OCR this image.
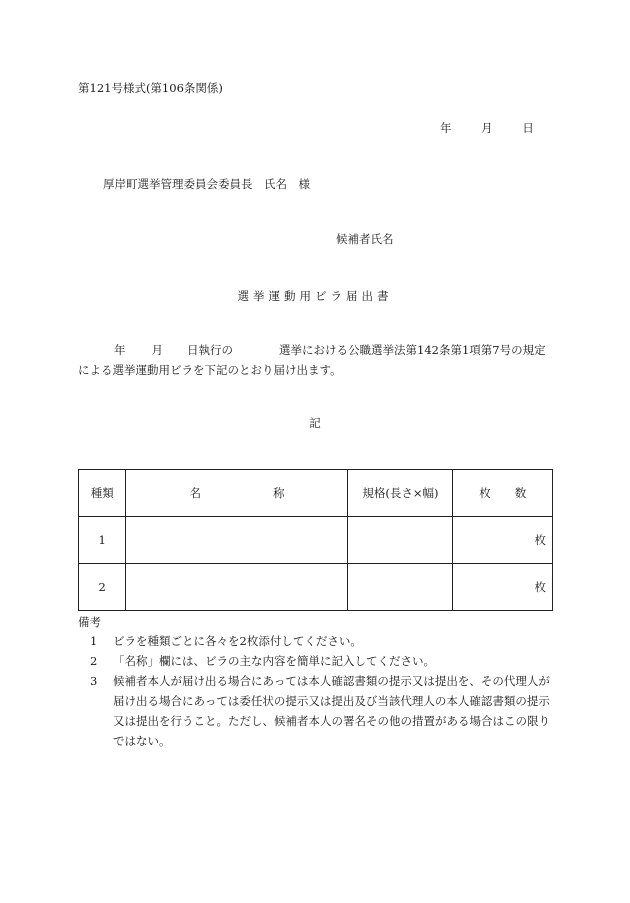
第121号様式(第106条関係)
年	月	日
厚岸町選挙管理委員会委員長　氏名　様
候補者氏名
選挙運動用ビラ届出書
年 月 日執行の	選挙における公職選挙法第142条第1項第7号の規定
による選挙運動用ビラを下記のとおり届け出ます。
記
種類	名 称	規格(長さ×幅)	枚 数
1			枚
2			枚
備考
1	ビラを種類ごとに各々を2枚添付してください。
2	「名称」欄には、ビラの主な内容を簡単に記入してください。
3	候補者本人が届け出る場合にあっては本人確認書類の提示又は提出を、その代理人が届け出る場合にあっては委任状の提示又は提出及び当該代理人の本人確認書類の提示又は提出を行うこと。ただし、候補者本人の署名その他の措置がある場合はこの限りではない。
